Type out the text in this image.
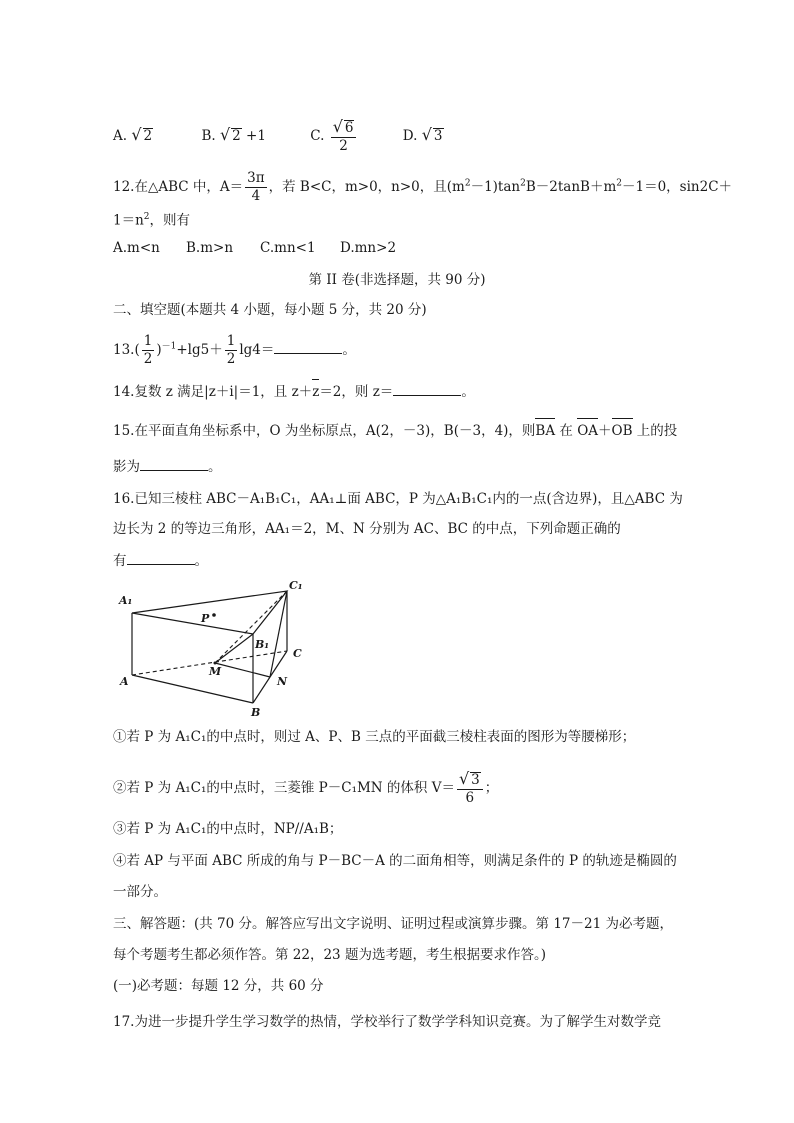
A. √ 2	B. √ 2 +1	C. $\frac{√ 6}{2}$	D. √ 3
12.在△ABC 中，$A= \frac{3\pi}{4}$ ，若 B<C，m>0，n>0，且$(m^2-1)\tan^2B-2\tan B+m^2-1=0$，sin2C＋
$1=n^2$，则有
A.m<n B.m>n C.mn<1 D.mn>2
第 II 卷(非选择题，共 90 分)
二、填空题(本题共 4 小题，每小题 5 分，共 20 分)
$13.( \frac{1}{2} )^{-1}+\lg 5+ \frac{1}{2} \lg 4=$	。
14.复数 z 满足|z＋i|＝1，且 z＋z＝2，则 z＝	。
15.在平面直角坐标系中，O 为坐标原点，A(2，－3)，B(－3，4)，则BA 在 OA＋OB 上的投
影为	。
16.已知三棱柱 ABC－A₁B₁C₁，AA₁⊥面 ABC，P 为△A₁B₁C₁内的一点(含边界)，且△ABC 为
边长为 2 的等边三角形，AA₁＝2，M、N 分别为 AC、BC 的中点，下列命题正确的
有	。
A₁
C₁
P
B₁
C
M
N
A
B
①若 P 为 A₁C₁的中点时，则过 A、P、B 三点的平面截三棱柱表面的图形为等腰梯形；
②若 P 为 A₁C₁的中点时，三菱锥 P－C₁MN 的体积 $V= \frac{√ 3}{6}$ ；
③若 P 为 A₁C₁的中点时，NP//A₁B；
④若 AP 与平面 ABC 所成的角与 P－BC－A 的二面角相等，则满足条件的 P 的轨迹是椭圆的
一部分。
三、解答题：(共 70 分。解答应写出文字说明、证明过程或演算步骤。第 17－21 为必考题，
每个考题考生都必须作答。第 22，23 题为选考题，考生根据要求作答。)
(一)必考题：每题 12 分，共 60 分
17.为进一步提升学生学习数学的热情，学校举行了数学学科知识竞赛。为了解学生对数学竞
